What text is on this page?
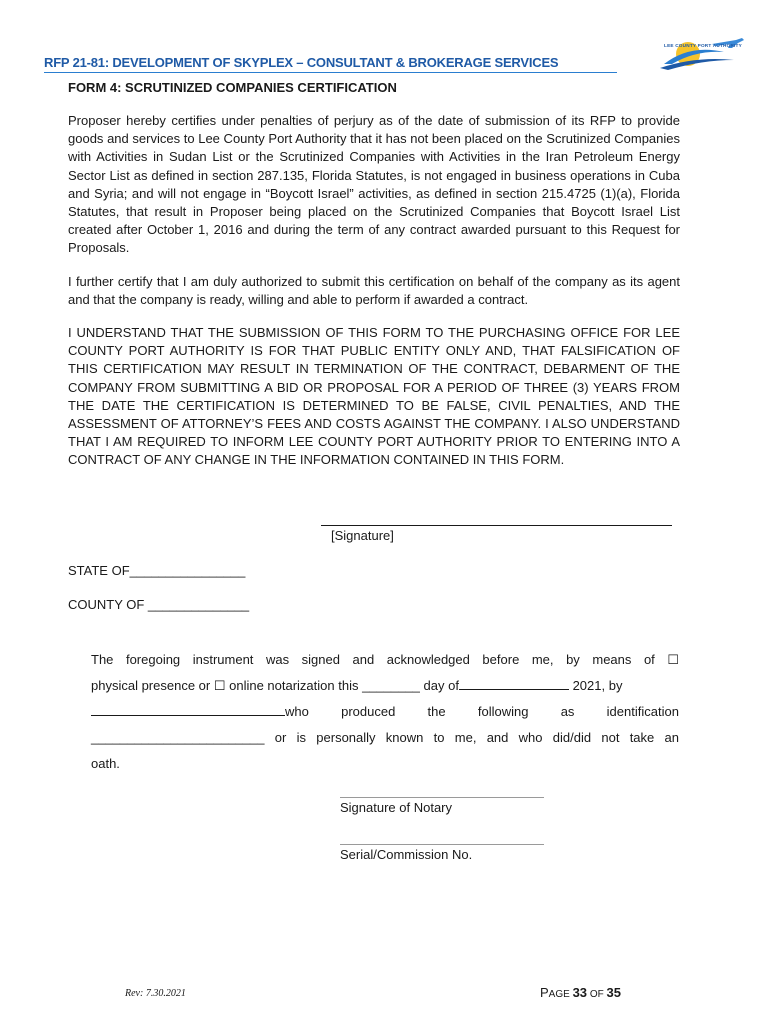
RFP 21-81: DEVELOPMENT OF SKYPLEX – CONSULTANT & BROKERAGE SERVICES
LEE COUNTY PORT AUTHORITY
FORM 4: SCRUTINIZED COMPANIES CERTIFICATION

Proposer hereby certifies under penalties of perjury as of the date of submission of its RFP to provide goods and services to Lee County Port Authority that it has not been placed on the Scrutinized Companies with Activities in Sudan List or the Scrutinized Companies with Activities in the Iran Petroleum Energy Sector List as defined in section 287.135, Florida Statutes, is not engaged in business operations in Cuba and Syria; and will not engage in “Boycott Israel” activities, as defined in section 215.4725 (1)(a), Florida Statutes, that result in Proposer being placed on the Scrutinized Companies that Boycott Israel List created after October 1, 2016 and during the term of any contract awarded pursuant to this Request for Proposals.

I further certify that I am duly authorized to submit this certification on behalf of the company as its agent and that the company is ready, willing and able to perform if awarded a contract.

I UNDERSTAND THAT THE SUBMISSION OF THIS FORM TO THE PURCHASING OFFICE FOR LEE COUNTY PORT AUTHORITY IS FOR THAT PUBLIC ENTITY ONLY AND, THAT FALSIFICATION OF THIS CERTIFICATION MAY RESULT IN TERMINATION OF THE CONTRACT, DEBARMENT OF THE COMPANY FROM SUBMITTING A BID OR PROPOSAL FOR A PERIOD OF THREE (3) YEARS FROM THE DATE THE CERTIFICATION IS DETERMINED TO BE FALSE, CIVIL PENALTIES, AND THE ASSESSMENT OF ATTORNEY’S FEES AND COSTS AGAINST THE COMPANY. I ALSO UNDERSTAND THAT I AM REQUIRED TO INFORM LEE COUNTY PORT AUTHORITY PRIOR TO ENTERING INTO A CONTRACT OF ANY CHANGE IN THE INFORMATION CONTAINED IN THIS FORM.

[Signature]
STATE OF________________
COUNTY OF ______________
The foregoing instrument was signed and acknowledged before me, by means of ☐
physical presence or ☐ online notarization this ________ day of	2021, by
who produced the following as identification
________________________ or is personally known to me, and who did/did not take an
oath.
Signature of Notary
Serial/Commission No.
Rev: 7.30.2021	PAGE 33 OF 35
